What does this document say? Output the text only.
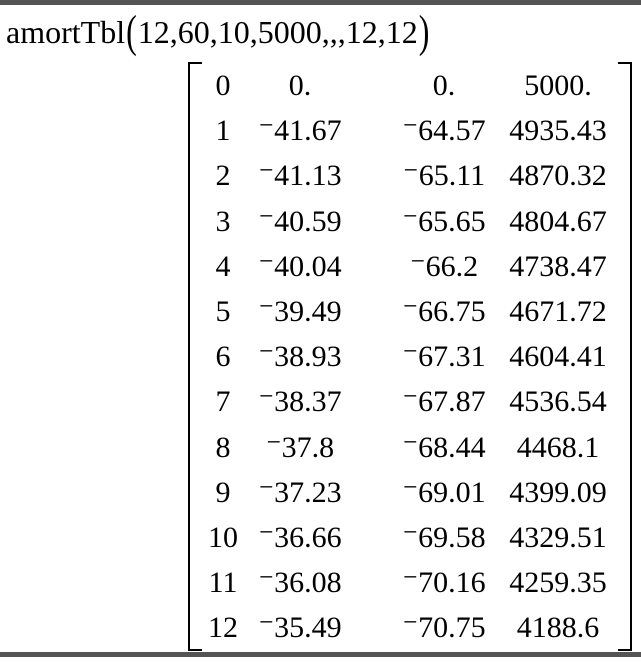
amortTbl ( 12,60,10,5000,,,12,12 )
0 0.	0. 5000.
1 ⁻41.67 ⁻64.57 4935.43
2 ⁻41.13 ⁻65.11 4870.32
3 ⁻40.59 ⁻65.65 4804.67
4 ⁻40.04 ⁻66.2 4738.47
5 ⁻39.49 ⁻66.75 4671.72
6 ⁻38.93 ⁻67.31 4604.41
7 ⁻38.37 ⁻67.87 4536.54
8 ⁻37.8 ⁻68.44 4468.1
9 ⁻37.23 ⁻69.01 4399.09
10 ⁻36.66 ⁻69.58 4329.51
11 ⁻36.08 ⁻70.16 4259.35
12 ⁻35.49 ⁻70.75 4188.6
